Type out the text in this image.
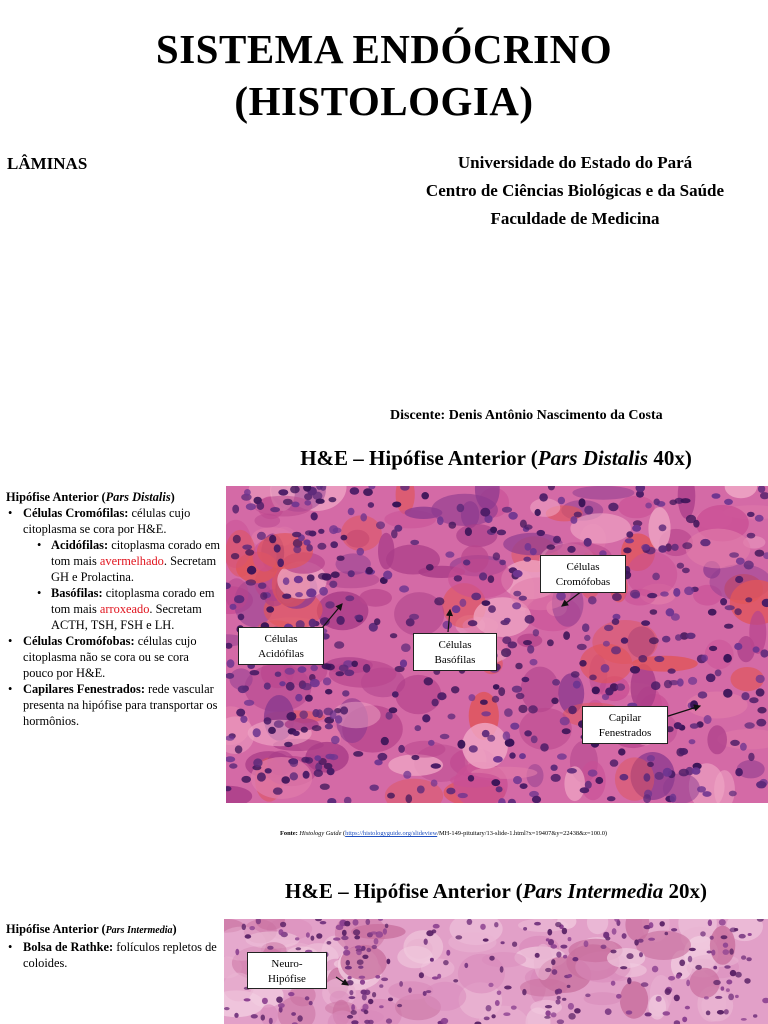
SISTEMA ENDÓCRINO
(HISTOLOGIA)
LÂMINAS	Universidade do Estado do Pará
Centro de Ciências Biológicas e da Saúde
Faculdade de Medicina
Discente: Denis Antônio Nascimento da Costa
H&E – Hipófise Anterior (Pars Distalis 40x)
Hipófise Anterior (Pars Distalis)
• Células Cromófilas: células cujo citoplasma se cora por H&E.
• Acidófilas: citoplasma corado em tom mais avermelhado. Secretam GH e Prolactina.
• Basófilas: citoplasma corado em tom mais arroxeado. Secretam ACTH, TSH, FSH e LH.
• Células Cromófobas: células cujo citoplasma não se cora ou se cora pouco por H&E.
• Capilares Fenestrados: rede vascular presenta na hipófise para transportar os hormônios.
Células
Cromófobas
Células
Acidófilas
Células
Basófilas
Capilar
Fenestrados
Fonte: Histology Guide (https://histologyguide.org/slideview/MH-149-pituitary/13-slide-1.html?x=19407&y=22438&z=100.0)
H&E – Hipófise Anterior (Pars Intermedia 20x)
Hipófise Anterior (Pars Intermedia)
• Bolsa de Rathke: folículos repletos de coloides.	Neuro-
Hipófise
